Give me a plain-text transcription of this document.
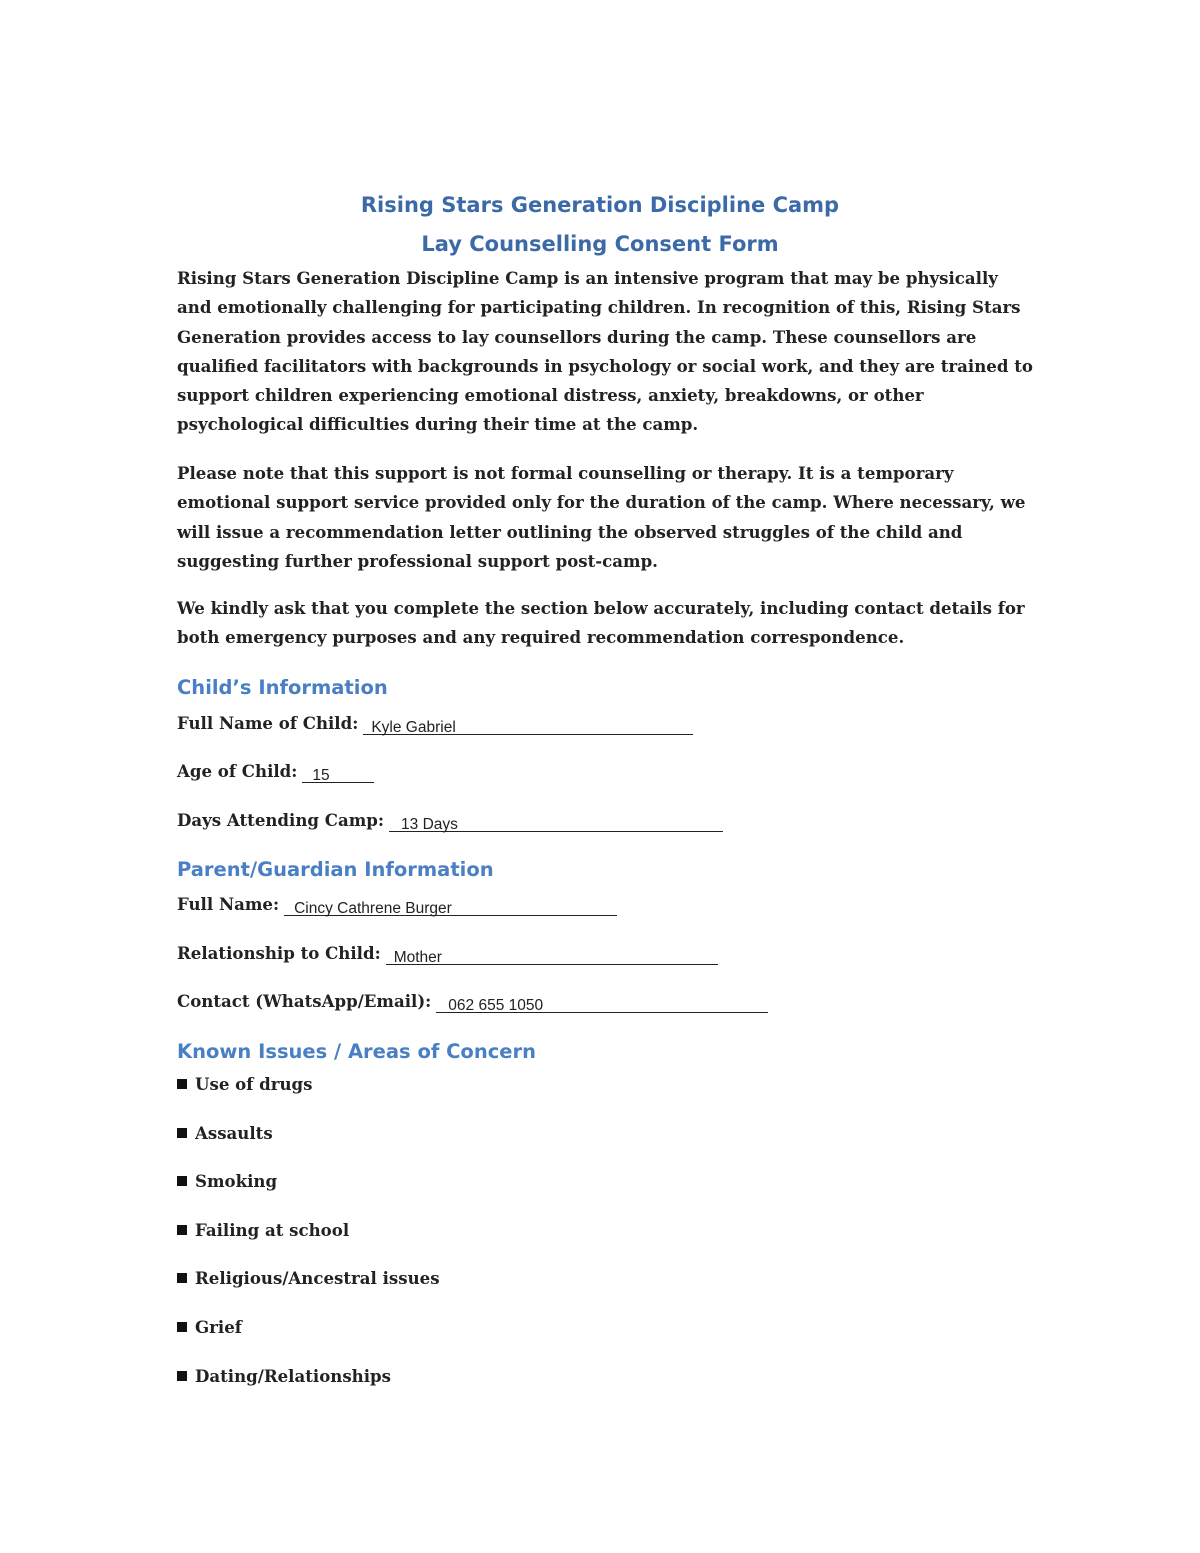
Rising Stars Generation Discipline Camp
Lay Counselling Consent Form

Rising Stars Generation Discipline Camp is an intensive program that may be physically and emotionally challenging for participating children. In recognition of this, Rising Stars Generation provides access to lay counsellors during the camp. These counsellors are qualified facilitators with backgrounds in psychology or social work, and they are trained to support children experiencing emotional distress, anxiety, breakdowns, or other psychological difficulties during their time at the camp.

Please note that this support is not formal counselling or therapy. It is a temporary emotional support service provided only for the duration of the camp. Where necessary, we will issue a recommendation letter outlining the observed struggles of the child and suggesting further professional support post-camp.

We kindly ask that you complete the section below accurately, including contact details for both emergency purposes and any required recommendation correspondence.

Child’s Information
Full Name of Child: Kyle Gabriel
Age of Child: 15
Days Attending Camp: 13 Days
Parent/Guardian Information
Full Name: Cincy Cathrene Burger
Relationship to Child: Mother
Contact (WhatsApp/Email): 062 655 1050
Known Issues / Areas of Concern
Use of drugs
Assaults
Smoking
Failing at school
Religious/Ancestral issues
Grief
Dating/Relationships
